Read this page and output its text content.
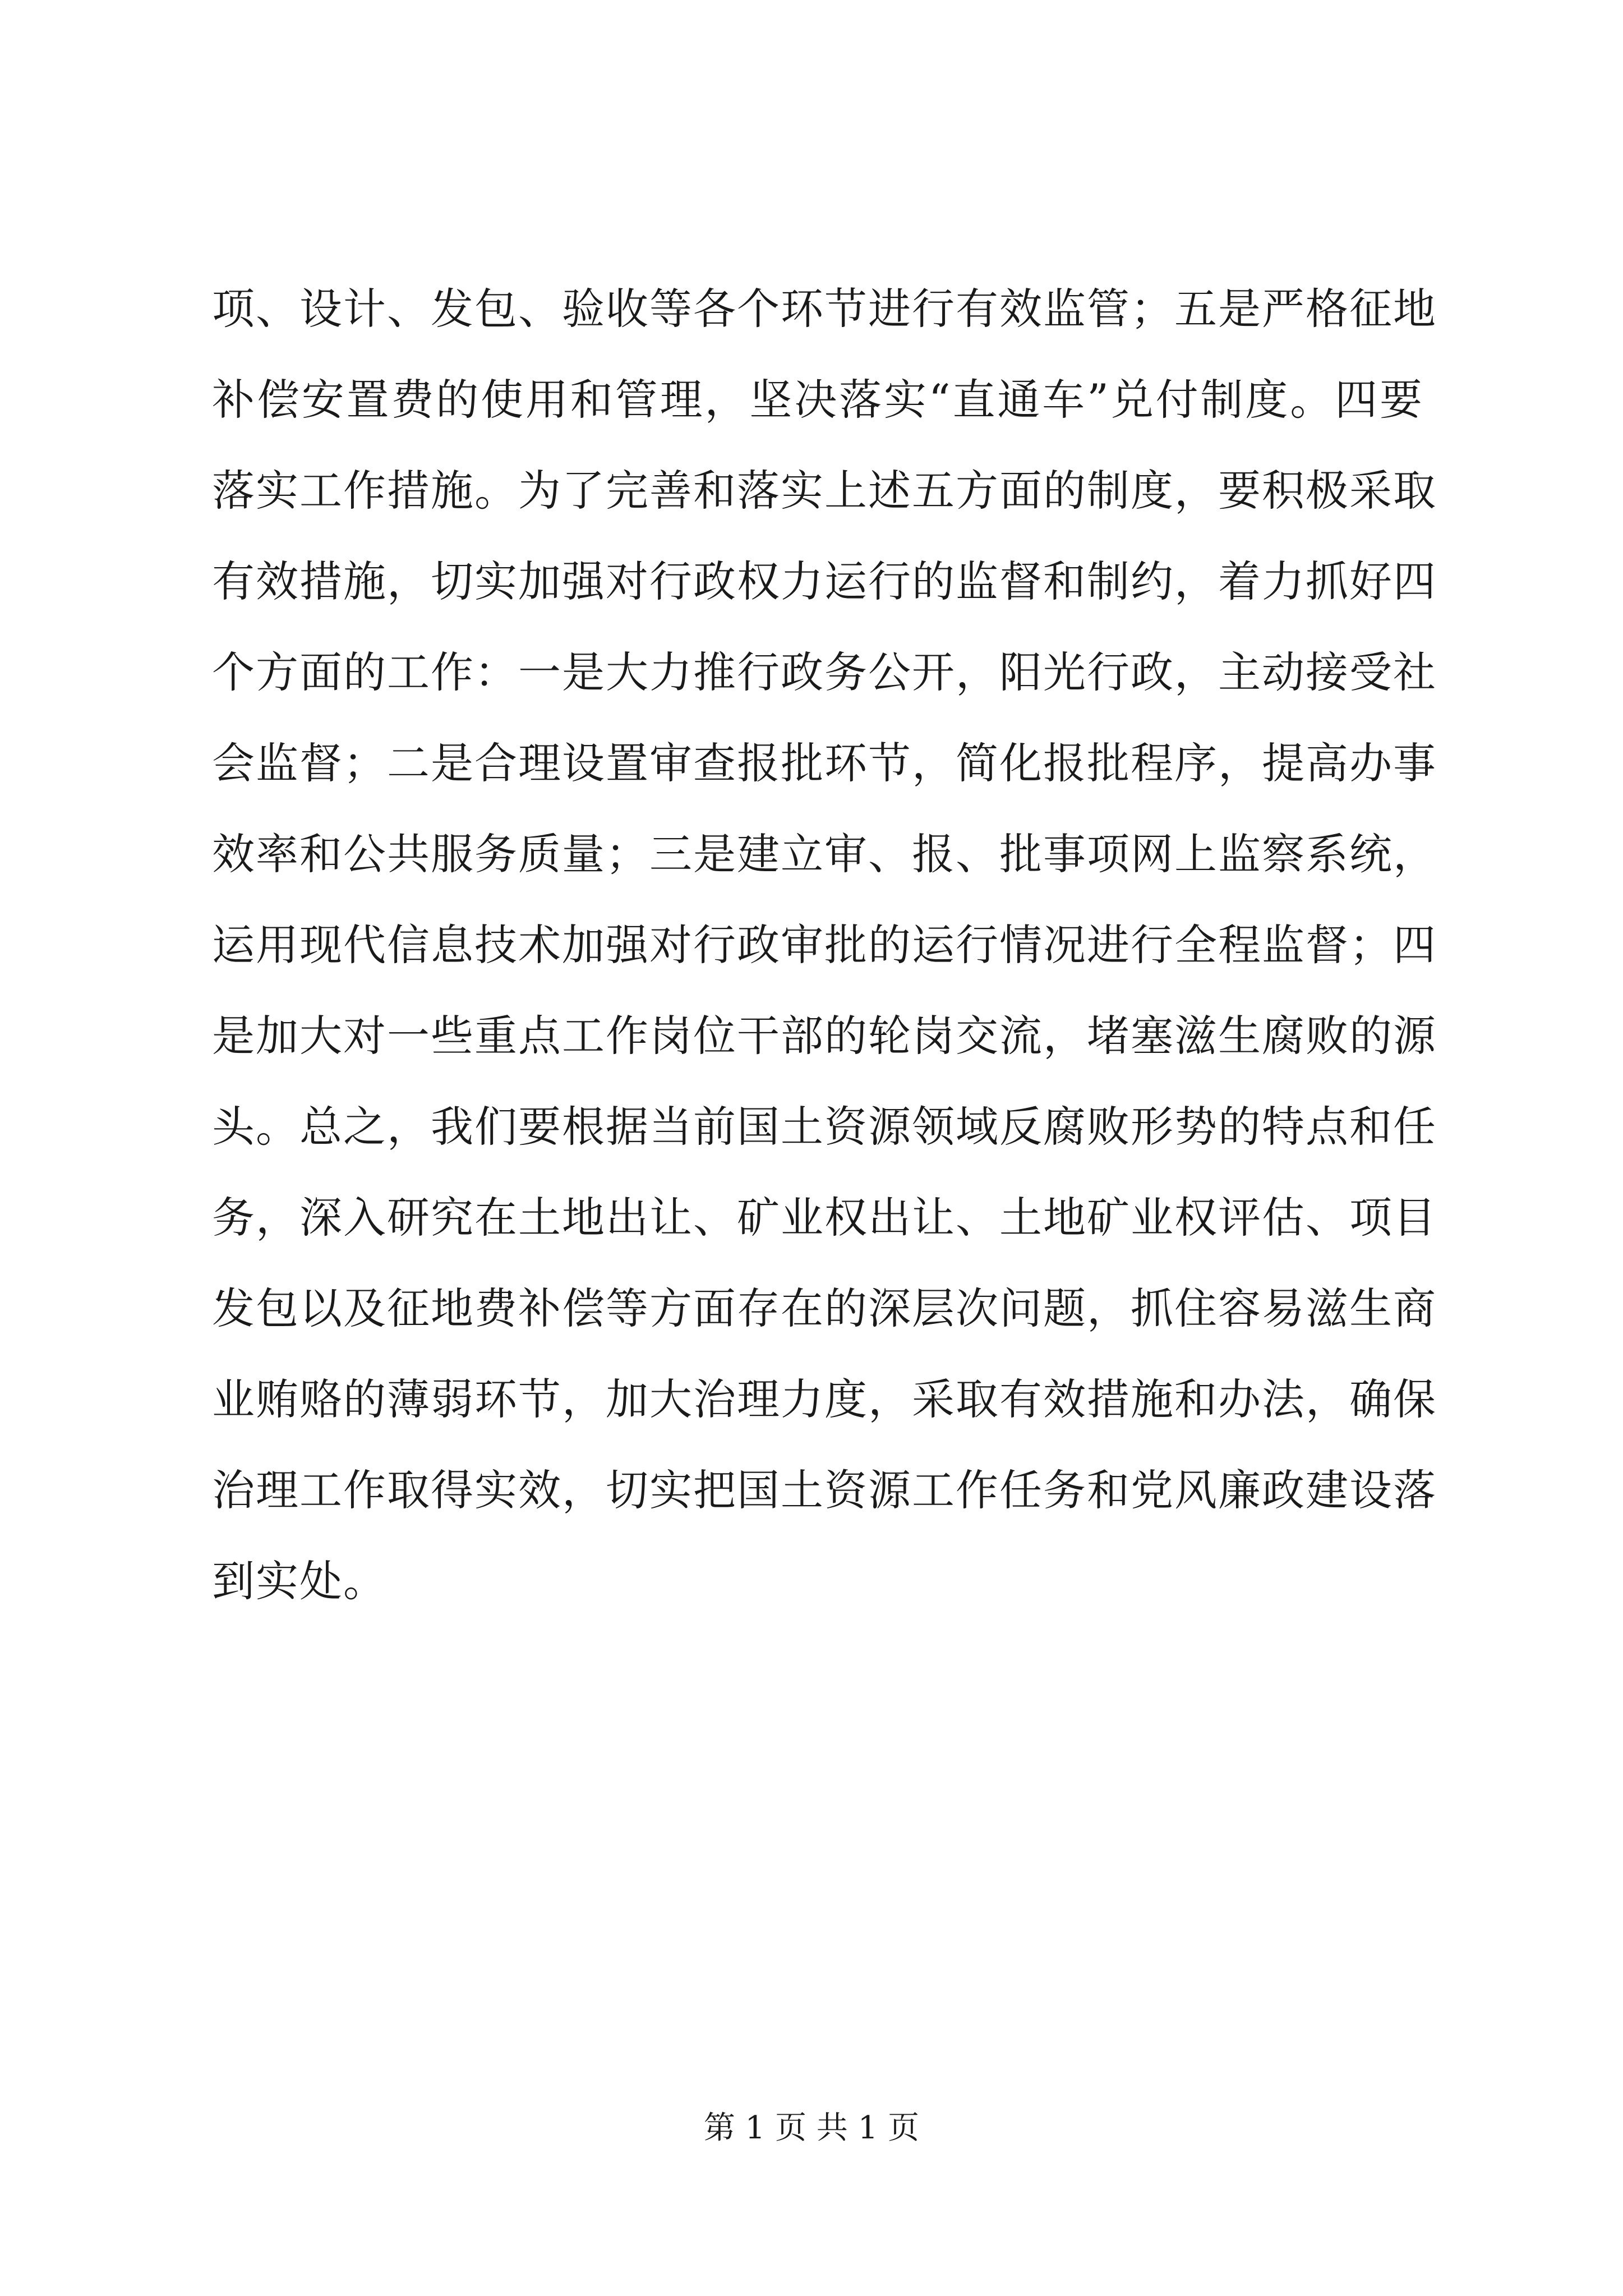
项、设计、发包、验收等各个环节进行有效监管；五是严格征地
补偿安置费的使用和管理，坚决落实“直通车”兑付制度。四要
落实工作措施。为了完善和落实上述五方面的制度，要积极采取
有效措施，切实加强对行政权力运行的监督和制约，着力抓好四
个方面的工作：一是大力推行政务公开，阳光行政，主动接受社
会监督；二是合理设置审查报批环节，简化报批程序，提高办事
效率和公共服务质量；三是建立审、报、批事项网上监察系统，
运用现代信息技术加强对行政审批的运行情况进行全程监督；四
是加大对一些重点工作岗位干部的轮岗交流，堵塞滋生腐败的源
头。总之，我们要根据当前国土资源领域反腐败形势的特点和任
务，深入研究在土地出让、矿业权出让、土地矿业权评估、项目
发包以及征地费补偿等方面存在的深层次问题，抓住容易滋生商
业贿赂的薄弱环节，加大治理力度，采取有效措施和办法，确保
治理工作取得实效，切实把国土资源工作任务和党风廉政建设落
到实处。
第 1 页 共 1 页
